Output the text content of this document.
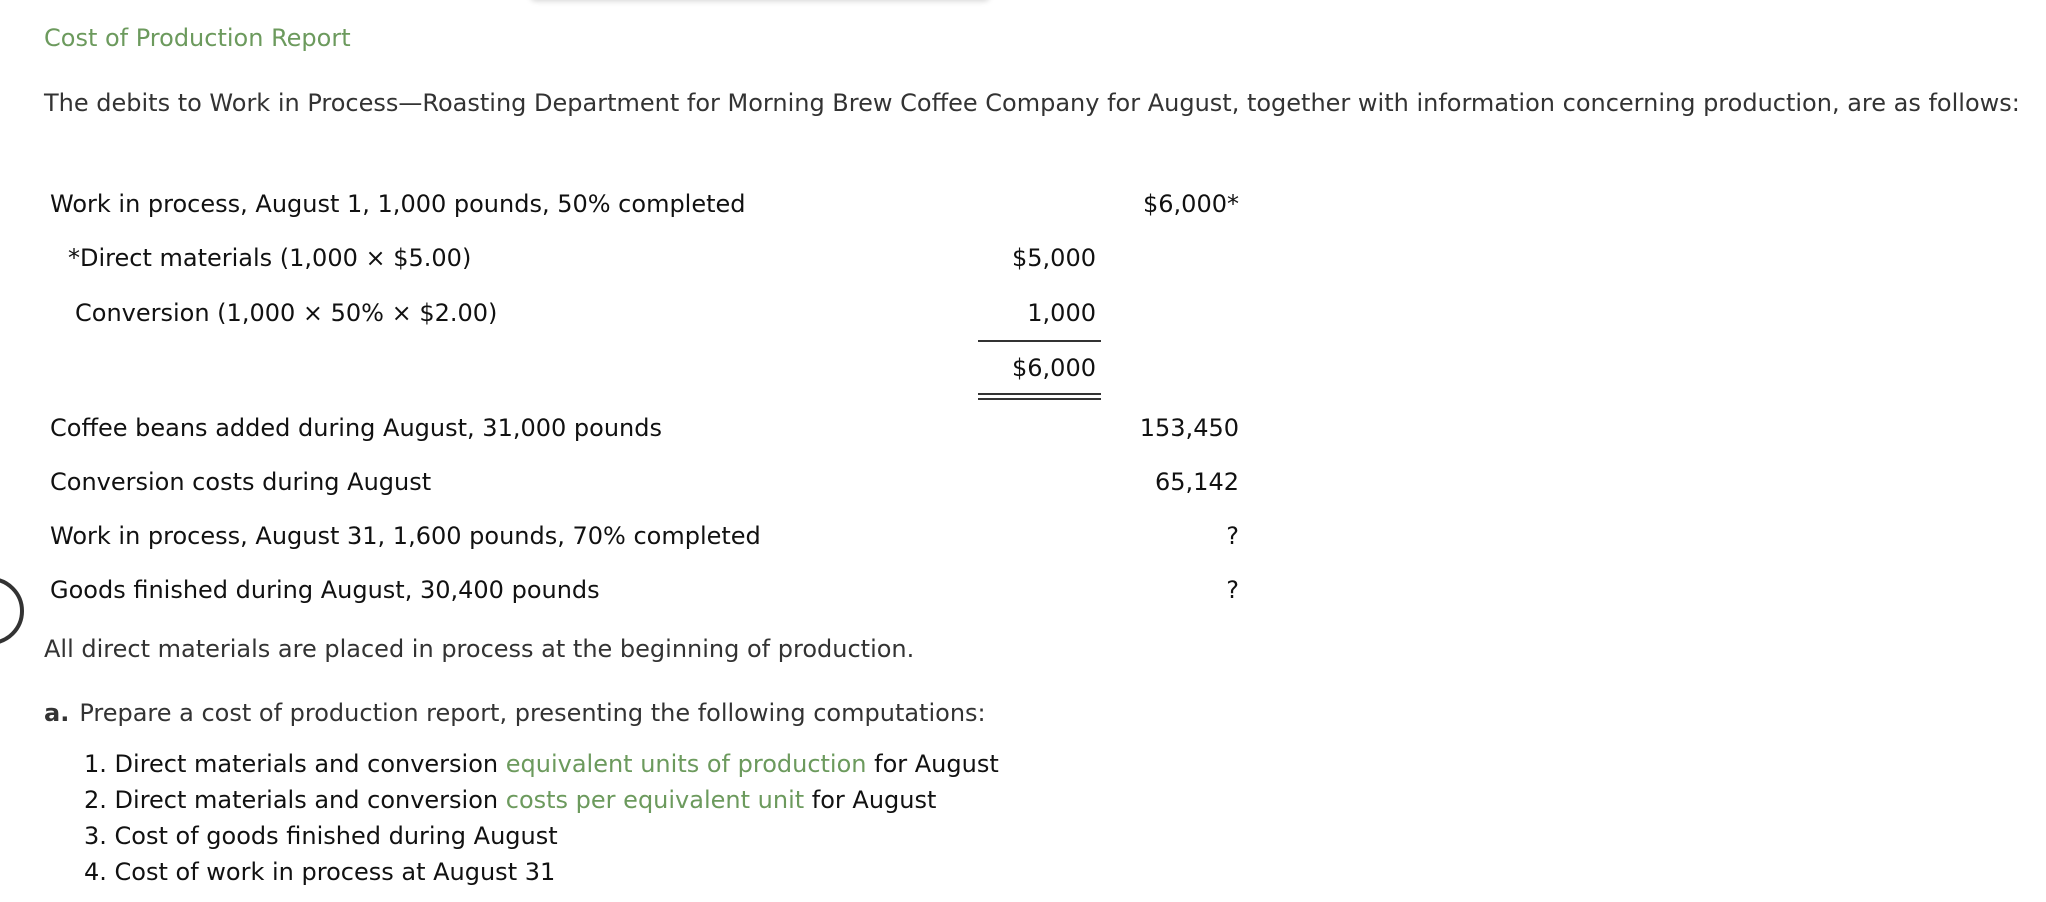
Cost of Production Report
The debits to Work in Process—Roasting Department for Morning Brew Coffee Company for August, together with information concerning production, are as follows:
Work in process, August 1, 1,000 pounds, 50% completed	$6,000*
*Direct materials (1,000 × $5.00)	$5,000
Conversion (1,000 × 50% × $2.00)	1,000
$6,000
Coffee beans added during August, 31,000 pounds	153,450
Conversion costs during August	65,142
Work in process, August 31, 1,600 pounds, 70% completed	?
Goods finished during August, 30,400 pounds	?
All direct materials are placed in process at the beginning of production.
a. Prepare a cost of production report, presenting the following computations:
1. Direct materials and conversion equivalent units of production for August
2. Direct materials and conversion costs per equivalent unit for August
3. Cost of goods finished during August
4. Cost of work in process at August 31
